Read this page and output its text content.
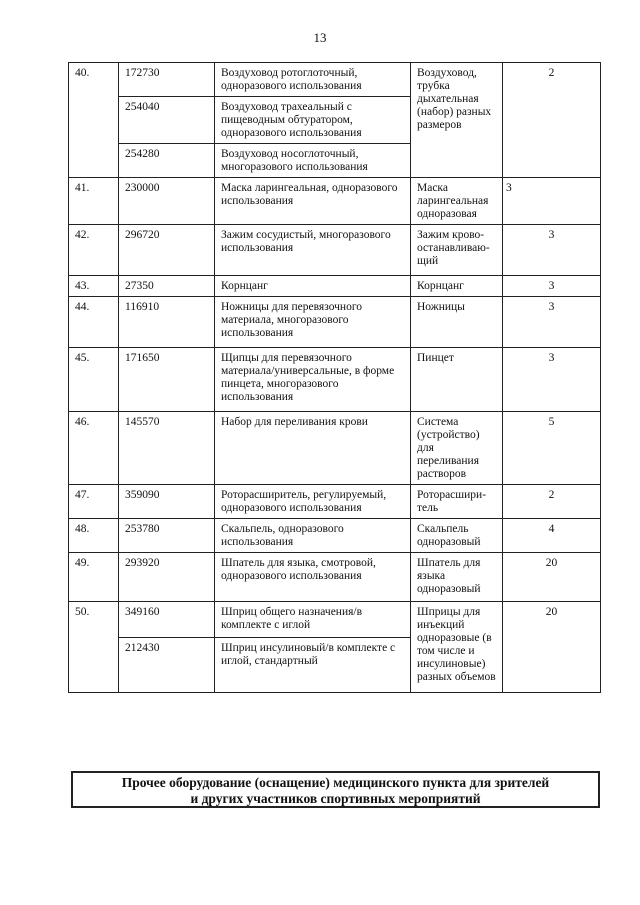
13
40.	172730	Воздуховод ротоглоточный, одноразового использования	Воздуховод, трубка дыхательная (набор) разных размеров	2
	254040	Воздуховод трахеальный с пищеводным обтуратором, одноразового использования		
	254280	Воздуховод носоглоточный, многоразового использования		
41.	230000	Маска ларингеальная, одноразового использования	Маска ларингеальная одноразовая	3
42.	296720	Зажим сосудистый, многоразового использования	Зажим крово-останавливаю-щий	3
43.	27350	Корнцанг	Корнцанг	3
44.	116910	Ножницы для перевязочного материала, многоразового использования	Ножницы	3
45.	171650	Щипцы для перевязочного материала/универсальные, в форме пинцета, многоразового использования	Пинцет	3
46.	145570	Набор для переливания крови	Система (устройство) для переливания растворов	5
47.	359090	Роторасширитель, регулируемый, одноразового использования	Роторасшири-тель	2
48.	253780	Скальпель, одноразового использования	Скальпель одноразовый	4
49.	293920	Шпатель для языка, смотровой, одноразового использования	Шпатель для языка одноразовый	20
50.	349160	Шприц общего назначения/в комплекте с иглой	Шприцы для инъекций одноразовые (в том числе и инсулиновые) разных объемов	20
	212430	Шприц инсулиновый/в комплекте с иглой, стандартный		
Прочее оборудование (оснащение) медицинского пункта для зрителей
и других участников спортивных мероприятий
